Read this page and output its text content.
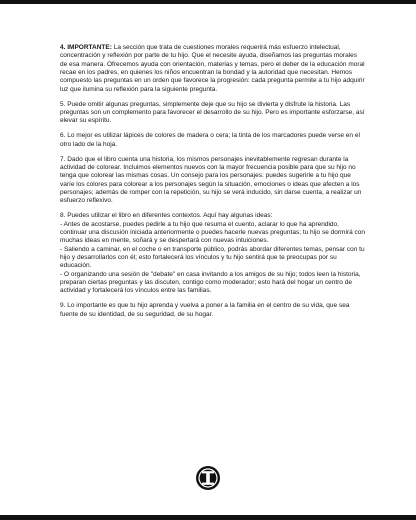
4. IMPORTANTE: La sección que trata de cuestiones morales requerirá más esfuerzo intelectual, concentración y reflexión por parte de tu hijo. Que el necesite ayuda, diseñamos las preguntas morales de esa manera. Ofrecemos ayuda con orientación, materias y temas, pero el deber de la educación moral recae en los padres, en quienes los niños encuentran la bondad y la autoridad que necesitan. Hemos compuesto las preguntas en un orden que favorece la progresión: cada pregunta permite a tu hijo adquirir luz que ilumina su reflexión para la siguiente pregunta.

5. Puede omitir algunas preguntas, simplemente deje que su hijo se divierta y disfrute la historia. Las preguntas son un complemento para favorecer el desarrollo de su hijo. Pero es importante esforzarse, así elevar su espíritu.

6. Lo mejor es utilizar lápices de colores de madera o cera; la tinta de los marcadores puede verse en el otro lado de la hoja.

7. Dado que el libro cuenta una historia, los mismos personajes inevitablemente regresan durante la actividad de colorear. Incluimos elementos nuevos con la mayor frecuencia posible para que su hijo no tenga que colorear las mismas cosas. Un consejo para los personajes: puedes sugerirle a tu hijo que varíe los colores para colorear a los personajes según la situación, emociones o ideas que afecten a los personajes; además de romper con la repetición, su hijo se verá inducido, sin darse cuenta, a realizar un esfuerzo reflexivo.

8. Puedes utilizar el libro en diferentes contextos. Aquí hay algunas ideas:
- Antes de acostarse, puedes pedirle a tu hijo que resuma el cuento, aclarar lo que ha aprendido, continuar una discusión iniciada anteriormente o puedes hacerle nuevas preguntas; tu hijo se dormirá con muchas ideas en mente, soñará y se despertará con nuevas intuiciones.
- Saliendo a caminar, en el coche o en transporte público, podrás abordar diferentes temas, pensar con tu hijo y desarrollarlos con él; esto fortalecerá los vínculos y tu hijo sentirá que te preocupas por su educación.
- O organizando una sesión de "debate" en casa invitando a los amigos de su hijo; todos leen la historia, preparan ciertas preguntas y las discuten, contigo como moderador; esto hará del hogar un centro de actividad y fortalecerá los vínculos entre las familias.

9. Lo importante es que tu hijo aprenda y vuelva a poner a la familia en el centro de su vida, que sea fuente de su identidad, de su seguridad, de su hogar.
